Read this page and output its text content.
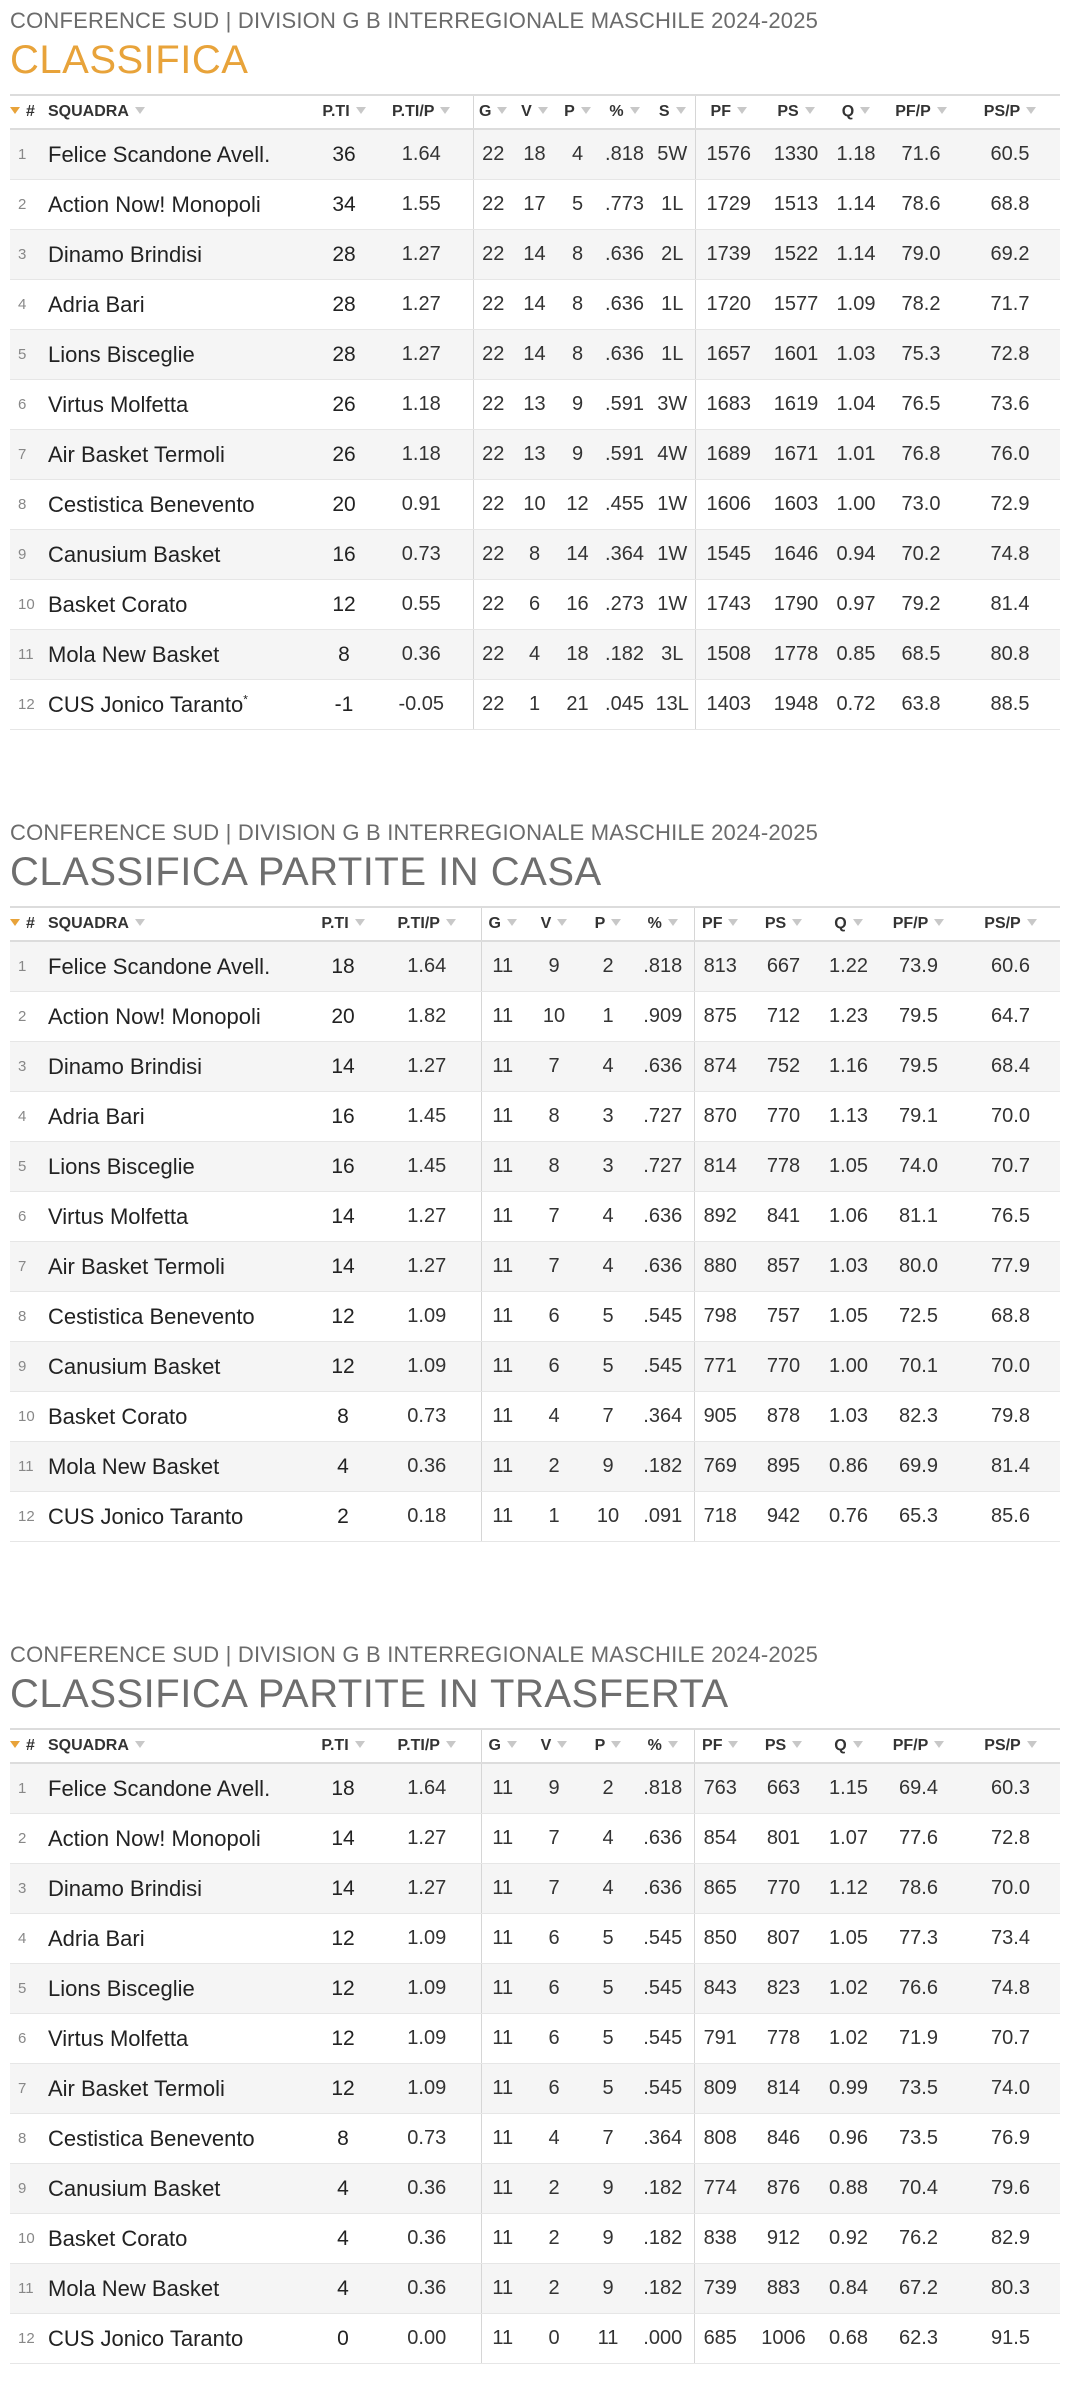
CONFERENCE SUD | DIVISION G B INTERREGIONALE MASCHILE 2024-2025
CLASSIFICA
#	SQUADRA	P.TI	P.TI/P	G	V	P	%	S	PF	PS	Q	PF/P	PS/P
1	Felice Scandone Avell.	36	1.64	22	18	4	.818	5W	1576	1330	1.18	71.6	60.5
2	Action Now! Monopoli	34	1.55	22	17	5	.773	1L	1729	1513	1.14	78.6	68.8
3	Dinamo Brindisi	28	1.27	22	14	8	.636	2L	1739	1522	1.14	79.0	69.2
4	Adria Bari	28	1.27	22	14	8	.636	1L	1720	1577	1.09	78.2	71.7
5	Lions Bisceglie	28	1.27	22	14	8	.636	1L	1657	1601	1.03	75.3	72.8
6	Virtus Molfetta	26	1.18	22	13	9	.591	3W	1683	1619	1.04	76.5	73.6
7	Air Basket Termoli	26	1.18	22	13	9	.591	4W	1689	1671	1.01	76.8	76.0
8	Cestistica Benevento	20	0.91	22	10	12	.455	1W	1606	1603	1.00	73.0	72.9
9	Canusium Basket	16	0.73	22	8	14	.364	1W	1545	1646	0.94	70.2	74.8
10	Basket Corato	12	0.55	22	6	16	.273	1W	1743	1790	0.97	79.2	81.4
11	Mola New Basket	8	0.36	22	4	18	.182	3L	1508	1778	0.85	68.5	80.8
12	CUS Jonico Taranto*	-1	-0.05	22	1	21	.045	13L	1403	1948	0.72	63.8	88.5
CONFERENCE SUD | DIVISION G B INTERREGIONALE MASCHILE 2024-2025
CLASSIFICA PARTITE IN CASA
#	SQUADRA	P.TI	P.TI/P	G	V	P	%	PF	PS	Q	PF/P	PS/P
1	Felice Scandone Avell.	18	1.64	11	9	2	.818	813	667	1.22	73.9	60.6
2	Action Now! Monopoli	20	1.82	11	10	1	.909	875	712	1.23	79.5	64.7
3	Dinamo Brindisi	14	1.27	11	7	4	.636	874	752	1.16	79.5	68.4
4	Adria Bari	16	1.45	11	8	3	.727	870	770	1.13	79.1	70.0
5	Lions Bisceglie	16	1.45	11	8	3	.727	814	778	1.05	74.0	70.7
6	Virtus Molfetta	14	1.27	11	7	4	.636	892	841	1.06	81.1	76.5
7	Air Basket Termoli	14	1.27	11	7	4	.636	880	857	1.03	80.0	77.9
8	Cestistica Benevento	12	1.09	11	6	5	.545	798	757	1.05	72.5	68.8
9	Canusium Basket	12	1.09	11	6	5	.545	771	770	1.00	70.1	70.0
10	Basket Corato	8	0.73	11	4	7	.364	905	878	1.03	82.3	79.8
11	Mola New Basket	4	0.36	11	2	9	.182	769	895	0.86	69.9	81.4
12	CUS Jonico Taranto	2	0.18	11	1	10	.091	718	942	0.76	65.3	85.6
CONFERENCE SUD | DIVISION G B INTERREGIONALE MASCHILE 2024-2025
CLASSIFICA PARTITE IN TRASFERTA
#	SQUADRA	P.TI	P.TI/P	G	V	P	%	PF	PS	Q	PF/P	PS/P
1	Felice Scandone Avell.	18	1.64	11	9	2	.818	763	663	1.15	69.4	60.3
2	Action Now! Monopoli	14	1.27	11	7	4	.636	854	801	1.07	77.6	72.8
3	Dinamo Brindisi	14	1.27	11	7	4	.636	865	770	1.12	78.6	70.0
4	Adria Bari	12	1.09	11	6	5	.545	850	807	1.05	77.3	73.4
5	Lions Bisceglie	12	1.09	11	6	5	.545	843	823	1.02	76.6	74.8
6	Virtus Molfetta	12	1.09	11	6	5	.545	791	778	1.02	71.9	70.7
7	Air Basket Termoli	12	1.09	11	6	5	.545	809	814	0.99	73.5	74.0
8	Cestistica Benevento	8	0.73	11	4	7	.364	808	846	0.96	73.5	76.9
9	Canusium Basket	4	0.36	11	2	9	.182	774	876	0.88	70.4	79.6
10	Basket Corato	4	0.36	11	2	9	.182	838	912	0.92	76.2	82.9
11	Mola New Basket	4	0.36	11	2	9	.182	739	883	0.84	67.2	80.3
12	CUS Jonico Taranto	0	0.00	11	0	11	.000	685	1006	0.68	62.3	91.5
